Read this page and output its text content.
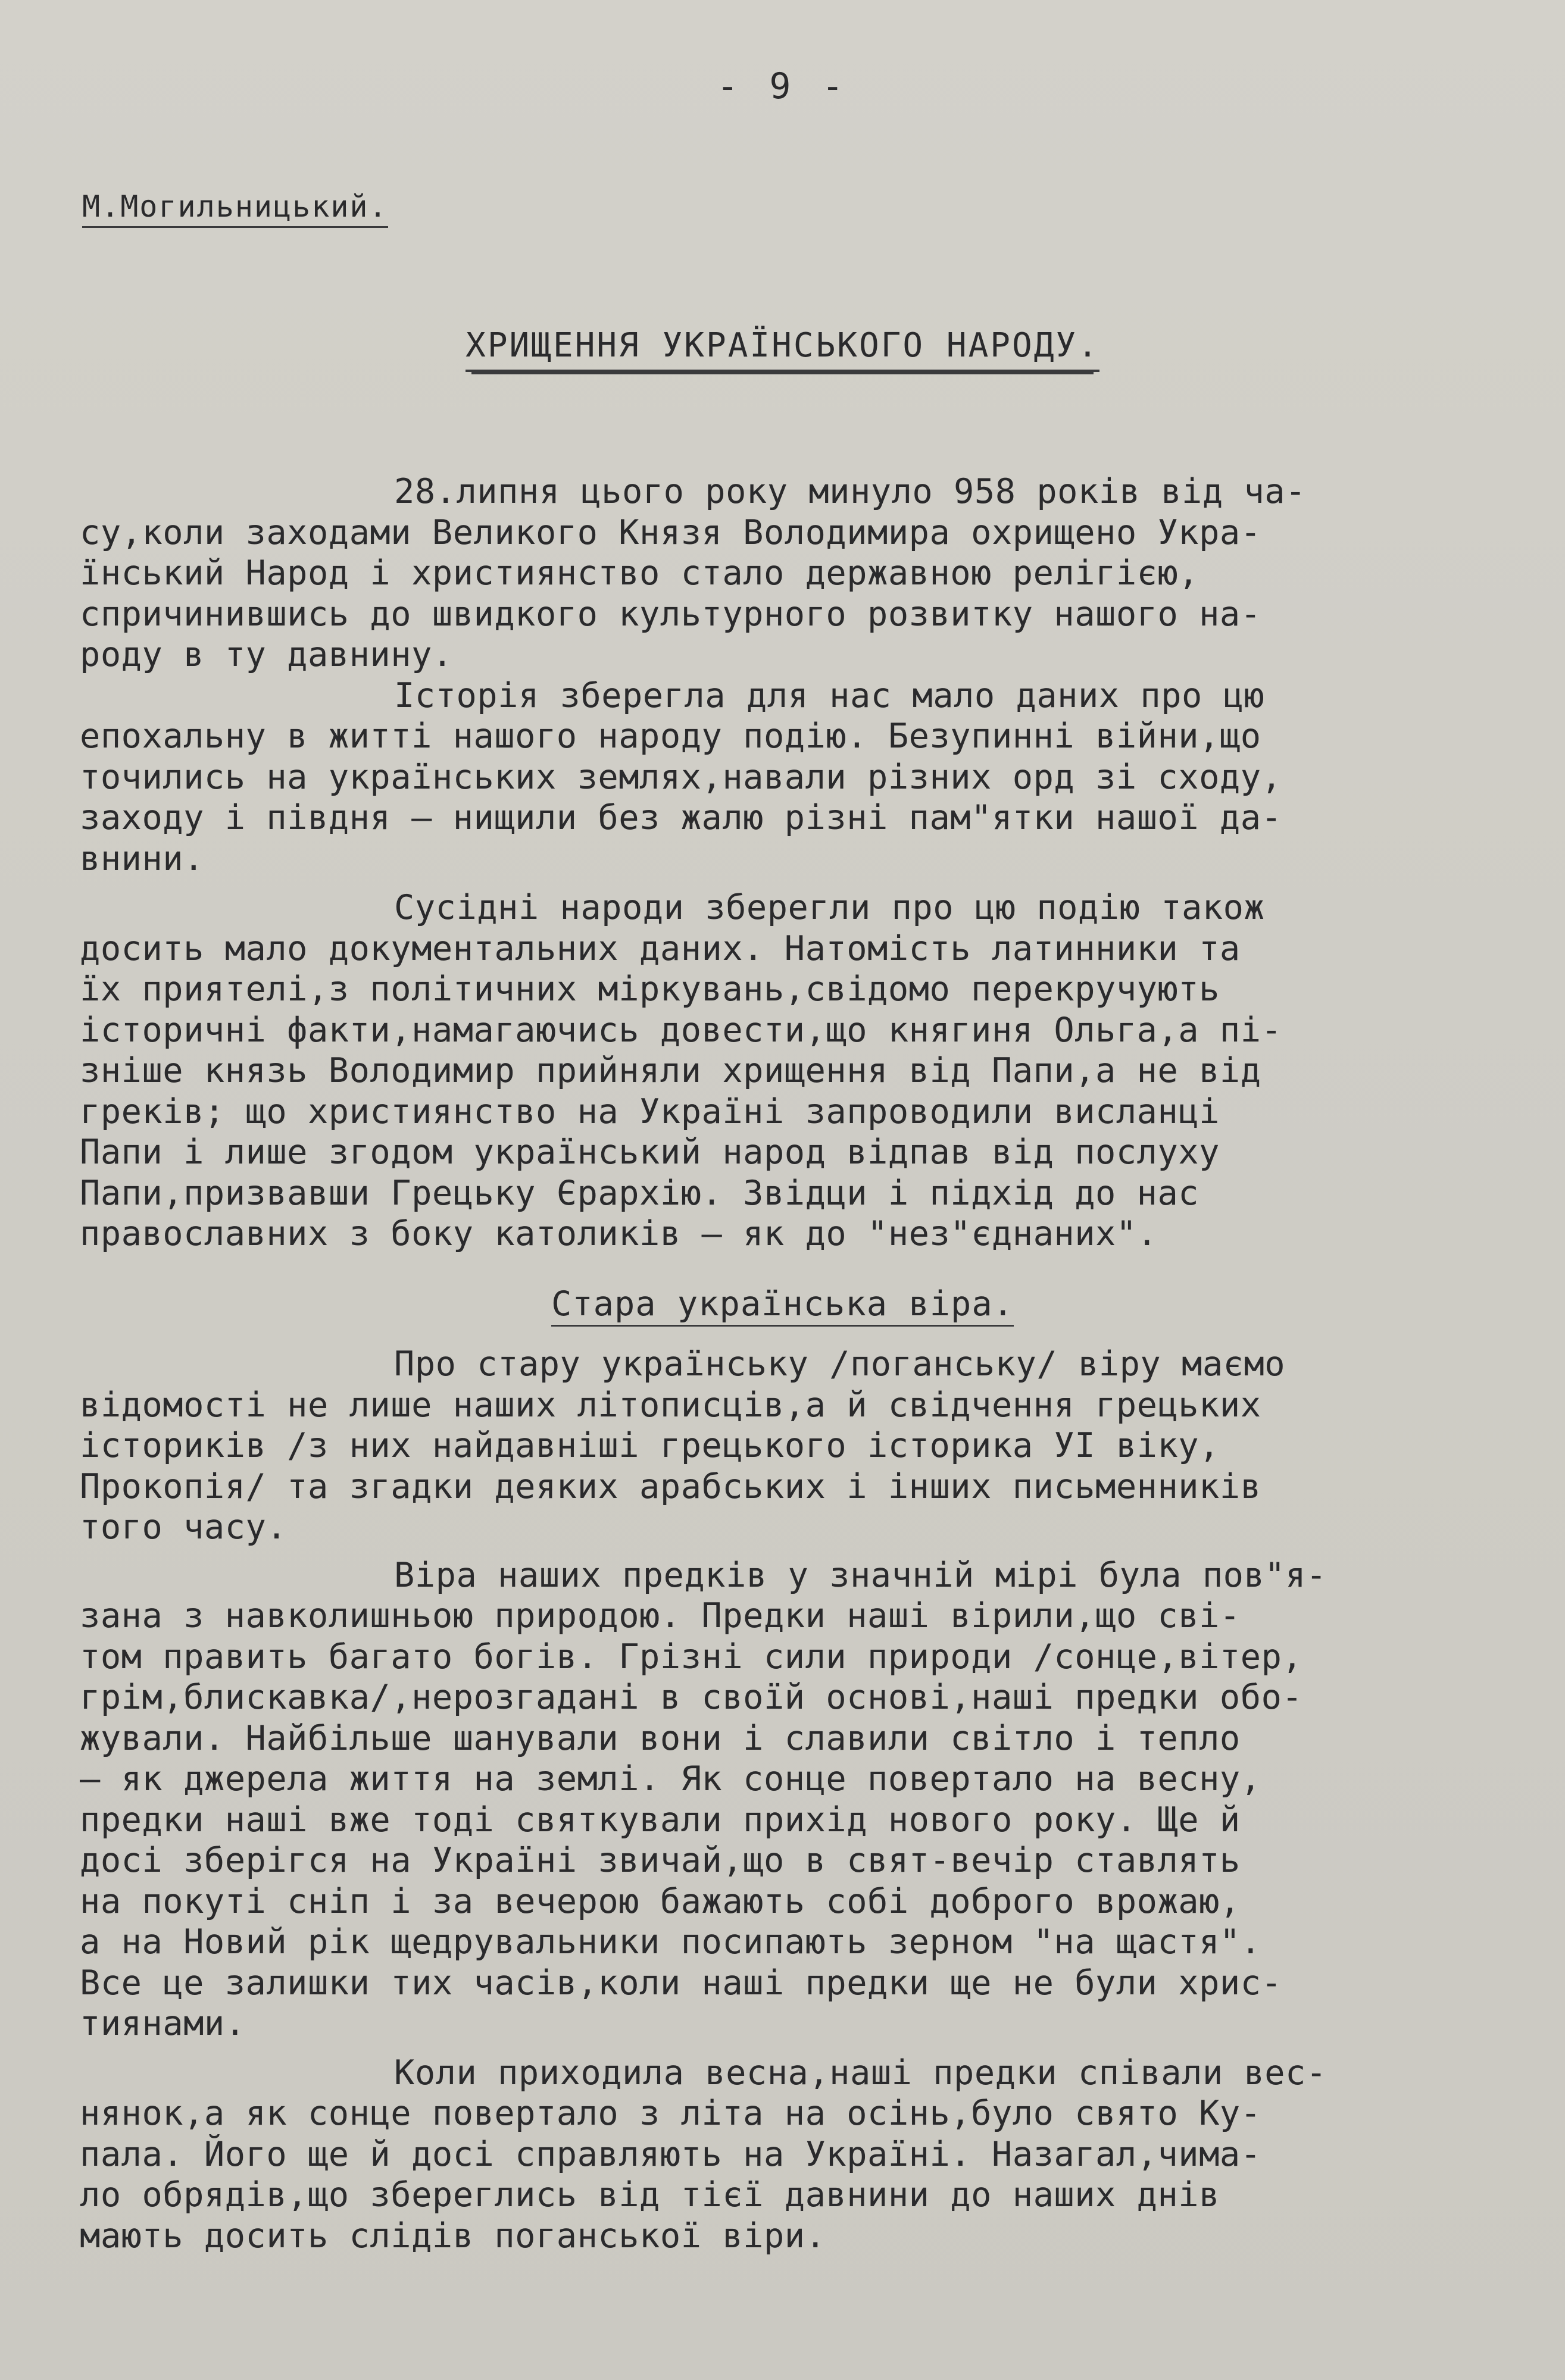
- 9 -
М.Могильницький.
ХРИЩЕННЯ УКРАЇНСЬКОГО НАРОДУ.
28.липня цього року минуло 958 років від ча-
су,коли заходами Великого Князя Володимира охрищено Укра-
їнський Народ і християнство стало державною релігією,
спричинившись до швидкого культурного розвитку нашого на-
роду в ту давнину.
Історія зберегла для нас мало даних про цю
епохальну в житті нашого народу подію. Безупинні війни,що
точились на українських землях,навали різних орд зі сходу,
заходу і півдня – нищили без жалю різні пам"ятки нашої да-
внини.
Сусідні народи зберегли про цю подію також
досить мало документальних даних. Натомість латинники та
їх приятелі,з політичних міркувань,свідомо перекручують
історичні факти,намагаючись довести,що княгиня Ольга,а пі-
зніше князь Володимир прийняли хрищення від Папи,а не від
греків; що християнство на Україні запроводили висланці
Папи і лише згодом український народ відпав від послуху
Папи,призвавши Грецьку Єрархію. Звідци і підхід до нас
православних з боку католиків – як до "нез"єднаних".
Стара українська віра.
Про стару українську /поганську/ віру маємо
відомості не лише наших літописців,а й свідчення грецьких
істориків /з них найдавніші грецького історика УІ віку,
Прокопія/ та згадки деяких арабських і інших письменників
того часу.
Віра наших предків у значній мірі була пов"я-
зана з навколишньою природою. Предки наші вірили,що сві-
том править багато богів. Грізні сили природи /сонце,вітер,
грім,блискавка/,нерозгадані в своїй основі,наші предки обо-
жували. Найбільше шанували вони і славили світло і тепло
– як джерела життя на землі. Як сонце повертало на весну,
предки наші вже тоді святкували прихід нового року. Ще й
досі зберігся на Україні звичай,що в свят-вечір ставлять
на покуті сніп і за вечерою бажають собі доброго врожаю,
а на Новий рік щедрувальники посипають зерном "на щастя".
Все це залишки тих часів,коли наші предки ще не були хрис-
тиянами.
Коли приходила весна,наші предки співали вес-
нянок,а як сонце повертало з літа на осінь,було свято Ку-
пала. Його ще й досі справляють на Україні. Назагал,чима-
ло обрядів,що збереглись від тієї давнини до наших днів
мають досить слідів поганської віри.
